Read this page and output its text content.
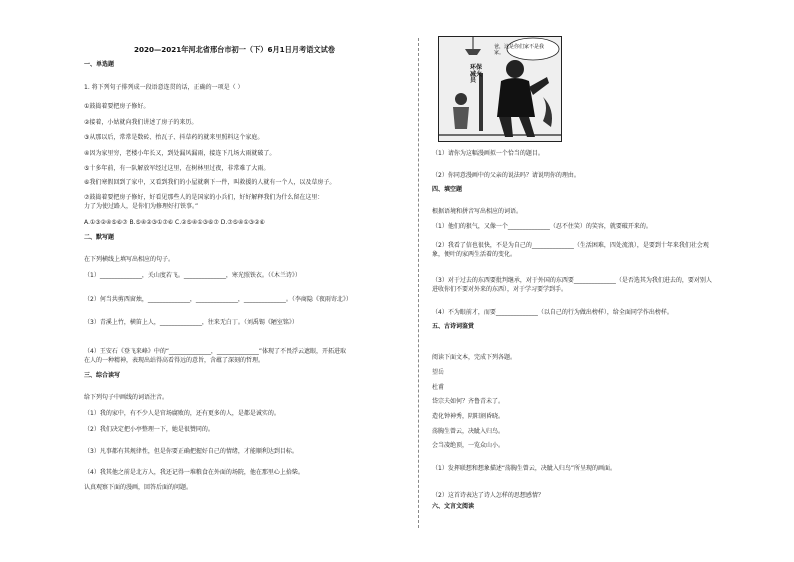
2020—2021年河北省邢台市初一（下）6月1日月考语文试卷
一、单选题
1. 将下列句子排列成一段语意连贯的话，正确的一项是（ ）
①鼓捣着要把房子修好。
②接着，小姑就向我们讲述了房子的来历。
③从那以后，常常是数砖、抬瓦子、抖草药的就来里照料这个家庭。
④因为家里穷，老楼小年长又，到处漏风漏雨，接连下几场大雨就破了。
⑤十多年前，有一队解放军经过这里，在树林里过夜，非常难了大雨。
⑥我们寒假回到了家中，又看到我们的小屋就剩下一件，叫救援的人就有一个人，以及草房子。
⑦鼓捣着要把房子修好，好看见那些人的是国家的小兵们，好好解释我们为什么留在这里：
力了为使过路人，是你们为修理好打铁事。”
A.①③②④⑤⑥⑦ B.⑤④②③①⑦⑥ C.②⑤④①③⑥⑦ D.⑦⑤④①③②⑥
二、默写题
在下列横线上填写出相应的句子。
（1）______________，关山度若飞。______________，寒光照铁衣。（《木兰诗》）
（2）何当共剪西窗烛，______________，______________，______________。（李商隐《夜雨寄北》）
（3）青溪上竹，横笛上人，______________，往来无白丁。（刘禹锡《陋室铭》）
（4）王安石《登飞来峰》中的“______________，______________”体现了不畏浮云遮眼，开拓进取
在人的一种精神，表现出站得高看得远的意旨，含蕴了深刻的哲理。
三、综合读写
给下列句子中画线的词语注音。
（1）我的家中，有不少人是官场腐败的，还有更多的人，是都是诚实的。
（2）我们决定把小亭整理一下，她是很赞同的。
（3）凡事都有其规律性，但是你要正确把握好自己的情绪，才能顺利达到目标。
（4）我其他之前是北方人，我还记得一堆粮食在外面的场院，他在那里心上拾柴。
认真观察下面的漫画，回答后面的问题。
（1）请你为这幅漫画拟一个恰当的题目。
（2）你同意漫画中的父亲的说法吗？请说明你的理由。
四、填空题
根据语境和拼音写出相应的词语。
（1）他们的狠气，又像一个______________（忍不住笑）的笑容，就要破开来的。
（2）我看了信也很快，不是为自己的______________（生活困难，四处流浪），是要到十年来我们社会观
象，便叶的家两生活着的变化。
（3）对于过去的东西要批判继承，对于外国的东西要______________（是否选其为我们进去的，要对别人
进收你们不要对外来的东西），对于学习要学到手。
（4）不为眼前才，而要______________（以自己的行为做出榜样），给全面同学作出榜样。
五、古诗词鉴赏
阅读下面文本，完成下列各题。
望岳
杜甫
岱宗夫如何？齐鲁青未了。
造化钟神秀，阴阳割昏晓。
荡胸生曾云，决眦入归鸟。
会当凌绝顶，一览众山小。
（1）发挥联想和想象描述“荡胸生曾云，决眦入归鸟”所呈现的画面。
（2）这首诗表达了诗人怎样的思想感情？
六、文言文阅读
爸，这是你们家不是我家。
环保 减火 员
